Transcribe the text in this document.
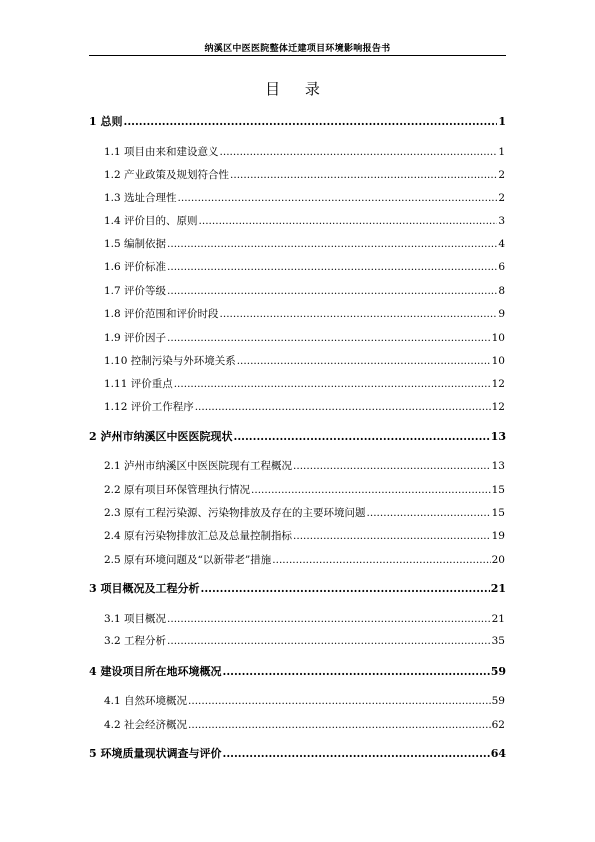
纳溪区中医医院整体迁建项目环境影响报告书
目 录
1 总则 .....	1
1.1 项目由来和建设意义 .....	1
1.2 产业政策及规划符合性 .....	2
1.3 选址合理性 .....	2
1.4 评价目的、原则 .....	3
1.5 编制依据 .....	4
1.6 评价标准 .....	6
1.7 评价等级 .....	8
1.8 评价范围和评价时段 .....	9
1.9 评价因子 .....	10
1.10 控制污染与外环境关系 .....	10
1.11 评价重点 .....	12
1.12 评价工作程序 .....	12
2 泸州市纳溪区中医医院现状 .....	13
2.1 泸州市纳溪区中医医院现有工程概况 .....	13
2.2 原有项目环保管理执行情况 .....	15
2.3 原有工程污染源、污染物排放及存在的主要环境问题 .....	15
2.4 原有污染物排放汇总及总量控制指标 .....	19
2.5 原有环境问题及“以新带老”措施 .....	20
3 项目概况及工程分析 .....	21
3.1 项目概况 .....	21
3.2 工程分析 .....	35
4 建设项目所在地环境概况 .....	59
4.1 自然环境概况 .....	59
4.2 社会经济概况 .....	62
5 环境质量现状调查与评价 .....	64
